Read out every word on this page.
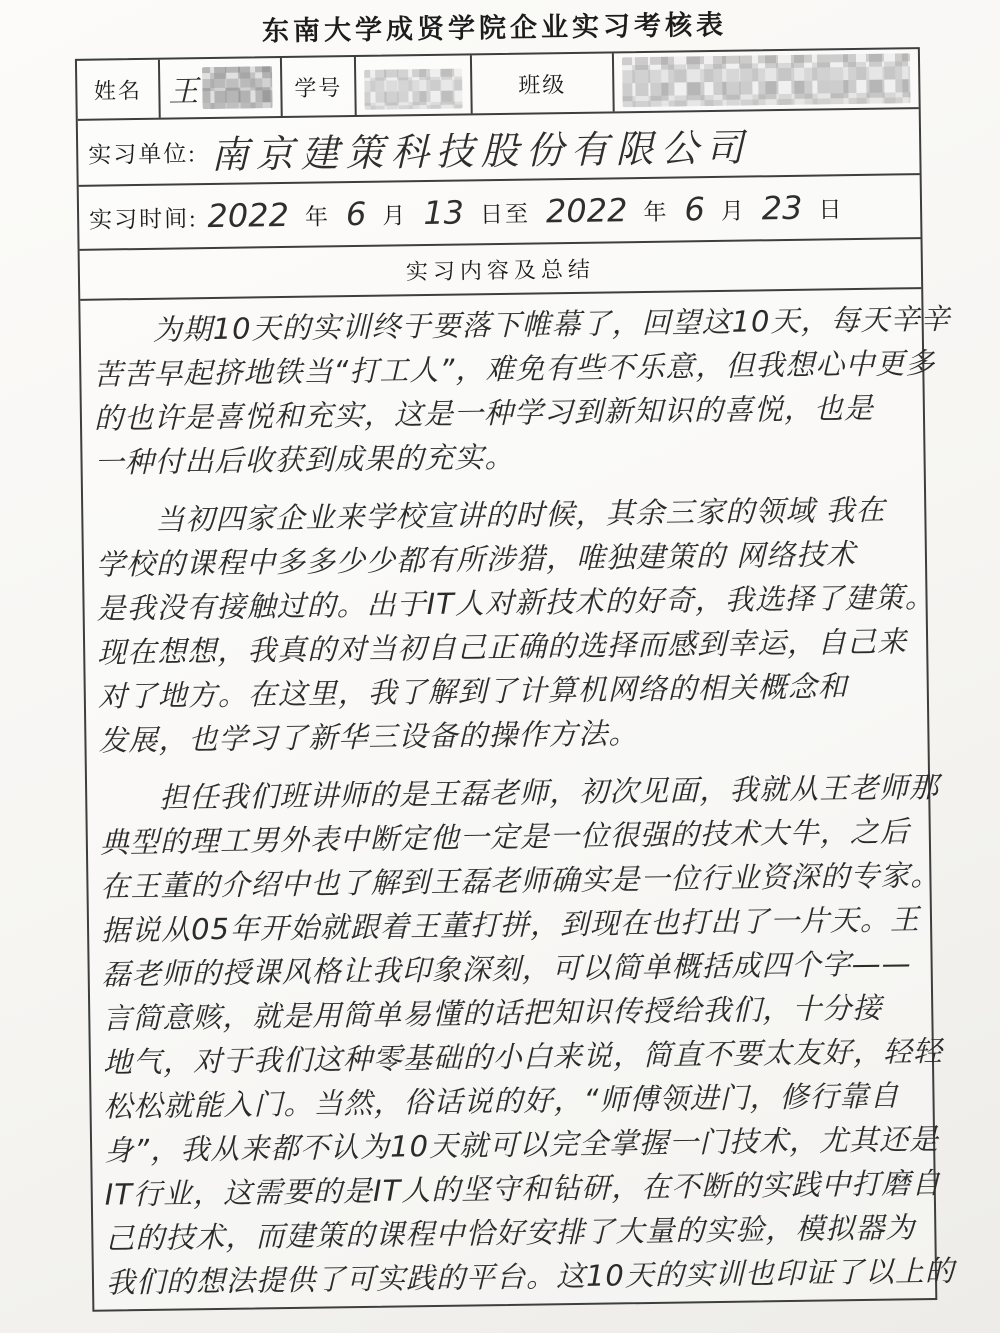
东南大学成贤学院企业实习考核表
姓名 王	学号	班级
实习单位: 南京建策科技股份有限公司
实习时间: 2022 年 6 月 13 日至 2022 年 6 月 23 日
实习内容及总结
为期10天的实训终于要落下帷幕了，回望这10天，每天辛辛
苦苦早起挤地铁当“打工人”，难免有些不乐意，但我想心中更多
的也许是喜悦和充实，这是一种学习到新知识的喜悦，也是
一种付出后收获到成果的充实。
当初四家企业来学校宣讲的时候，其余三家的领域 我在
学校的课程中多多少少都有所涉猎，唯独建策的 网络技术
是我没有接触过的。出于IT人对新技术的好奇，我选择了建策。
现在想想，我真的对当初自己正确的选择而感到幸运，自己来
对了地方。在这里，我了解到了计算机网络的相关概念和
发展，也学习了新华三设备的操作方法。
担任我们班讲师的是王磊老师，初次见面，我就从王老师那
典型的理工男外表中断定他一定是一位很强的技术大牛，之后
在王董的介绍中也了解到王磊老师确实是一位行业资深的专家。
据说从05年开始就跟着王董打拼，到现在也打出了一片天。王
磊老师的授课风格让我印象深刻，可以简单概括成四个字——
言简意赅，就是用简单易懂的话把知识传授给我们，十分接
地气，对于我们这种零基础的小白来说，简直不要太友好，轻轻
松松就能入门。当然，俗话说的好，“师傅领进门，修行靠自
身”，我从来都不认为10天就可以完全掌握一门技术，尤其还是
IT行业，这需要的是IT人的坚守和钻研，在不断的实践中打磨自
己的技术，而建策的课程中恰好安排了大量的实验，模拟器为
我们的想法提供了可实践的平台。这10天的实训也印证了以上的
